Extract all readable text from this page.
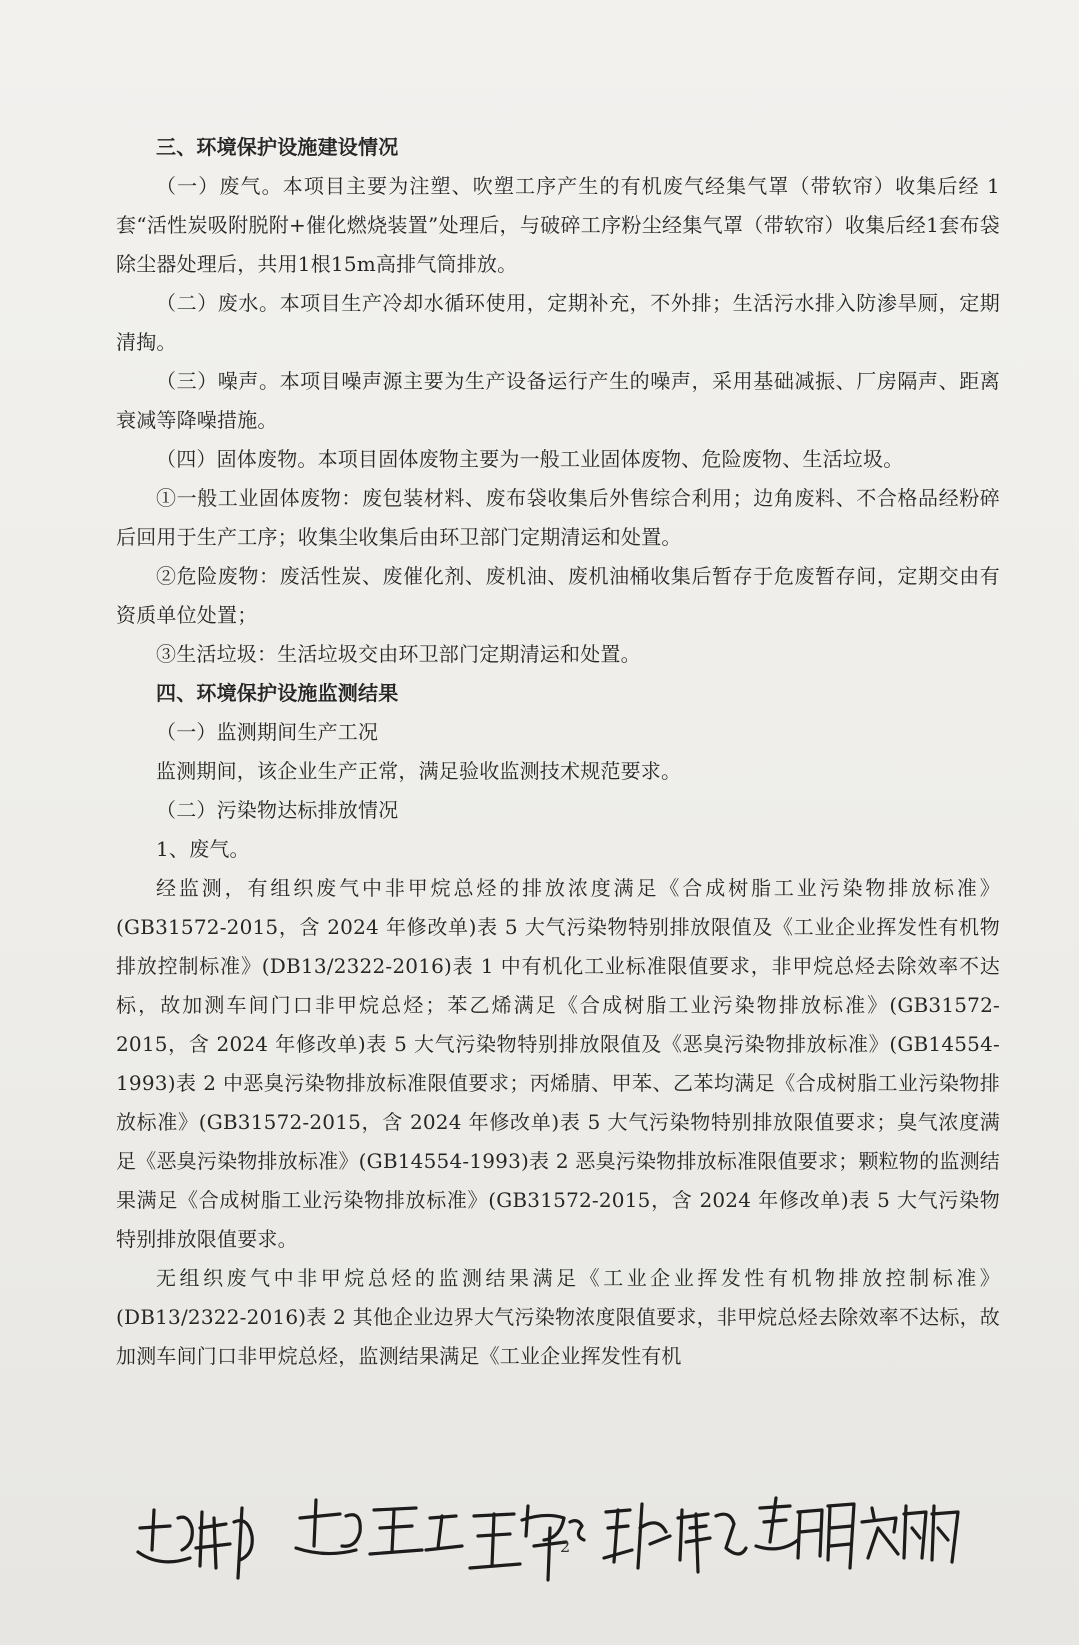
三、环境保护设施建设情况

（一）废气。本项目主要为注塑、吹塑工序产生的有机废气经集气罩（带软帘）收集后经 1 套“活性炭吸附脱附+催化燃烧装置”处理后，与破碎工序粉尘经集气罩（带软帘）收集后经1套布袋除尘器处理后，共用1根15m高排气筒排放。

（二）废水。本项目生产冷却水循环使用，定期补充，不外排；生活污水排入防渗旱厕，定期清掏。

（三）噪声。本项目噪声源主要为生产设备运行产生的噪声，采用基础减振、厂房隔声、距离衰减等降噪措施。

（四）固体废物。本项目固体废物主要为一般工业固体废物、危险废物、生活垃圾。

①一般工业固体废物：废包装材料、废布袋收集后外售综合利用；边角废料、不合格品经粉碎后回用于生产工序；收集尘收集后由环卫部门定期清运和处置。

②危险废物：废活性炭、废催化剂、废机油、废机油桶收集后暂存于危废暂存间，定期交由有资质单位处置；

③生活垃圾：生活垃圾交由环卫部门定期清运和处置。

四、环境保护设施监测结果

（一）监测期间生产工况

监测期间，该企业生产正常，满足验收监测技术规范要求。

（二）污染物达标排放情况

1、废气。

经监测，有组织废气中非甲烷总烃的排放浓度满足《合成树脂工业污染物排放标准》(GB31572-2015，含 2024 年修改单)表 5 大气污染物特别排放限值及《工业企业挥发性有机物排放控制标准》(DB13/2322-2016)表 1 中有机化工业标准限值要求，非甲烷总烃去除效率不达标，故加测车间门口非甲烷总烃；苯乙烯满足《合成树脂工业污染物排放标准》(GB31572-2015，含 2024 年修改单)表 5 大气污染物特别排放限值及《恶臭污染物排放标准》(GB14554-1993)表 2 中恶臭污染物排放标准限值要求；丙烯腈、甲苯、乙苯均满足《合成树脂工业污染物排放标准》(GB31572-2015，含 2024 年修改单)表 5 大气污染物特别排放限值要求；臭气浓度满足《恶臭污染物排放标准》(GB14554-1993)表 2 恶臭污染物排放标准限值要求；颗粒物的监测结果满足《合成树脂工业污染物排放标准》(GB31572-2015，含 2024 年修改单)表 5 大气污染物特别排放限值要求。

无组织废气中非甲烷总烃的监测结果满足《工业企业挥发性有机物排放控制标准》(DB13/2322-2016)表 2 其他企业边界大气污染物浓度限值要求，非甲烷总烃去除效率不达标，故加测车间门口非甲烷总烃，监测结果满足《工业企业挥发性有机

2
